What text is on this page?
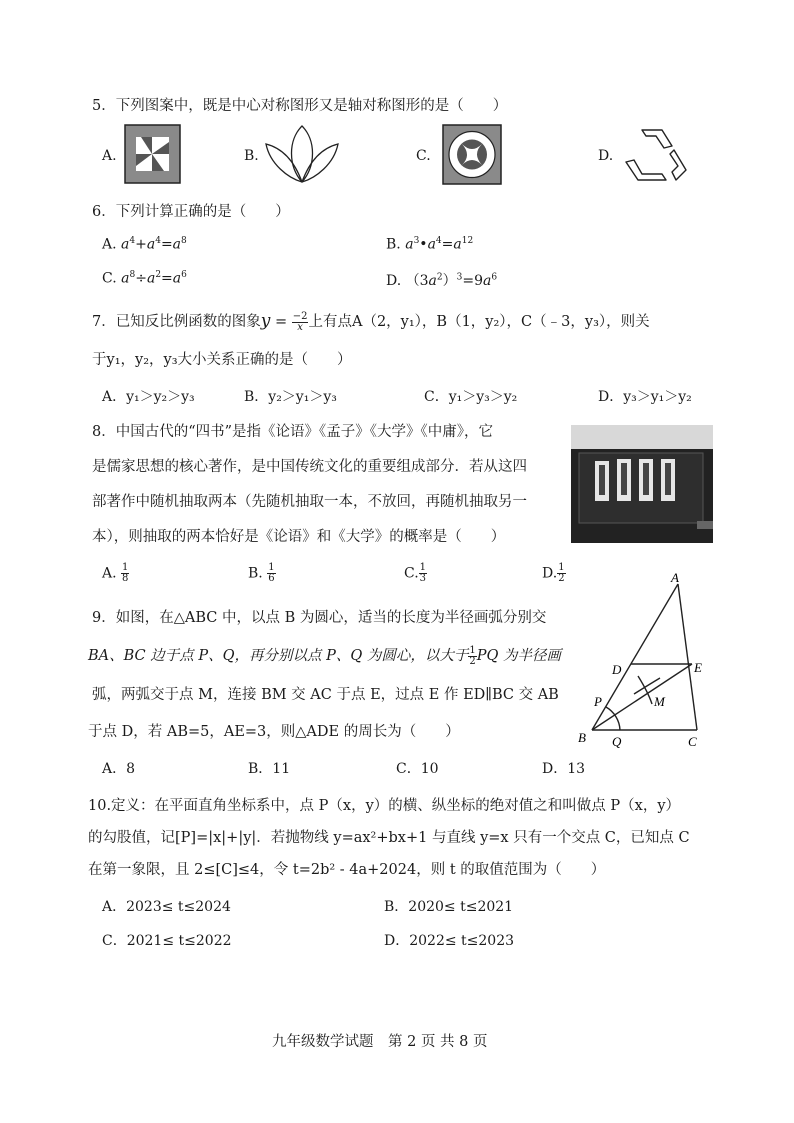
5．下列图案中，既是中心对称图形又是轴对称图形的是（　　）
A.	B.	C.	D.
6．下列计算正确的是（　　）
A. $a^4+a^4=a^8$	B. $a^3•a^4=a^{12}$
C. $a^8\div a^2=a^6$	D. $(3a^2)^3=9a^6$
7．已知反比例函数的图象$y = \frac{-2}{x}$ 上有点A（2，y₁），B（1，y₂），C（﹣3，y₃），则关
于y₁，y₂，y₃大小关系正确的是（　　）
A．y₁＞y₂＞y₃	B．y₂＞y₁＞y₃	C．y₁＞y₃＞y₂	D．y₃＞y₁＞y₂
8．中国古代的“四书”是指《论语》《孟子》《大学》《中庸》，它
是儒家思想的核心著作，是中国传统文化的重要组成部分．若从这四
部著作中随机抽取两本（先随机抽取一本，不放回，再随机抽取另一
本），则抽取的两本恰好是《论语》和《大学》的概率是（　　）
A. $\frac{1}{8}$	B. $\frac{1}{6}$	C. $\frac{1}{3}$	D. $\frac{1}{2}$
9．如图，在△ABC 中，以点 B 为圆心，适当的长度为半径画弧分别交
BA、BC 边于点 P、Q，再分别以点 P、Q 为圆心，以大于 $\frac{1}{2}$ PQ 为半径画
弧，两弧交于点 M，连接 BM 交 AC 于点 E，过点 E 作 ED∥BC 交 AB
于点 D，若 AB=5，AE=3，则△ADE 的周长为（　　）
A
B	C
D	E
P
Q
M
A．8	B．11	C．10	D．13
10.定义：在平面直角坐标系中，点 P（x，y）的横、纵坐标的绝对值之和叫做点 P（x，y）
的勾股值，记[P]=|x|+|y|．若抛物线 y=ax²+bx+1 与直线 y=x 只有一个交点 C，已知点 C
在第一象限，且 2≤[C]≤4，令 t=2b² - 4a+2024，则 t 的取值范围为（　　）
A．2023≤ t≤2024	B．2020≤ t≤2021
C．2021≤ t≤2022	D．2022≤ t≤2023
九年级数学试题　第 2 页 共 8 页
